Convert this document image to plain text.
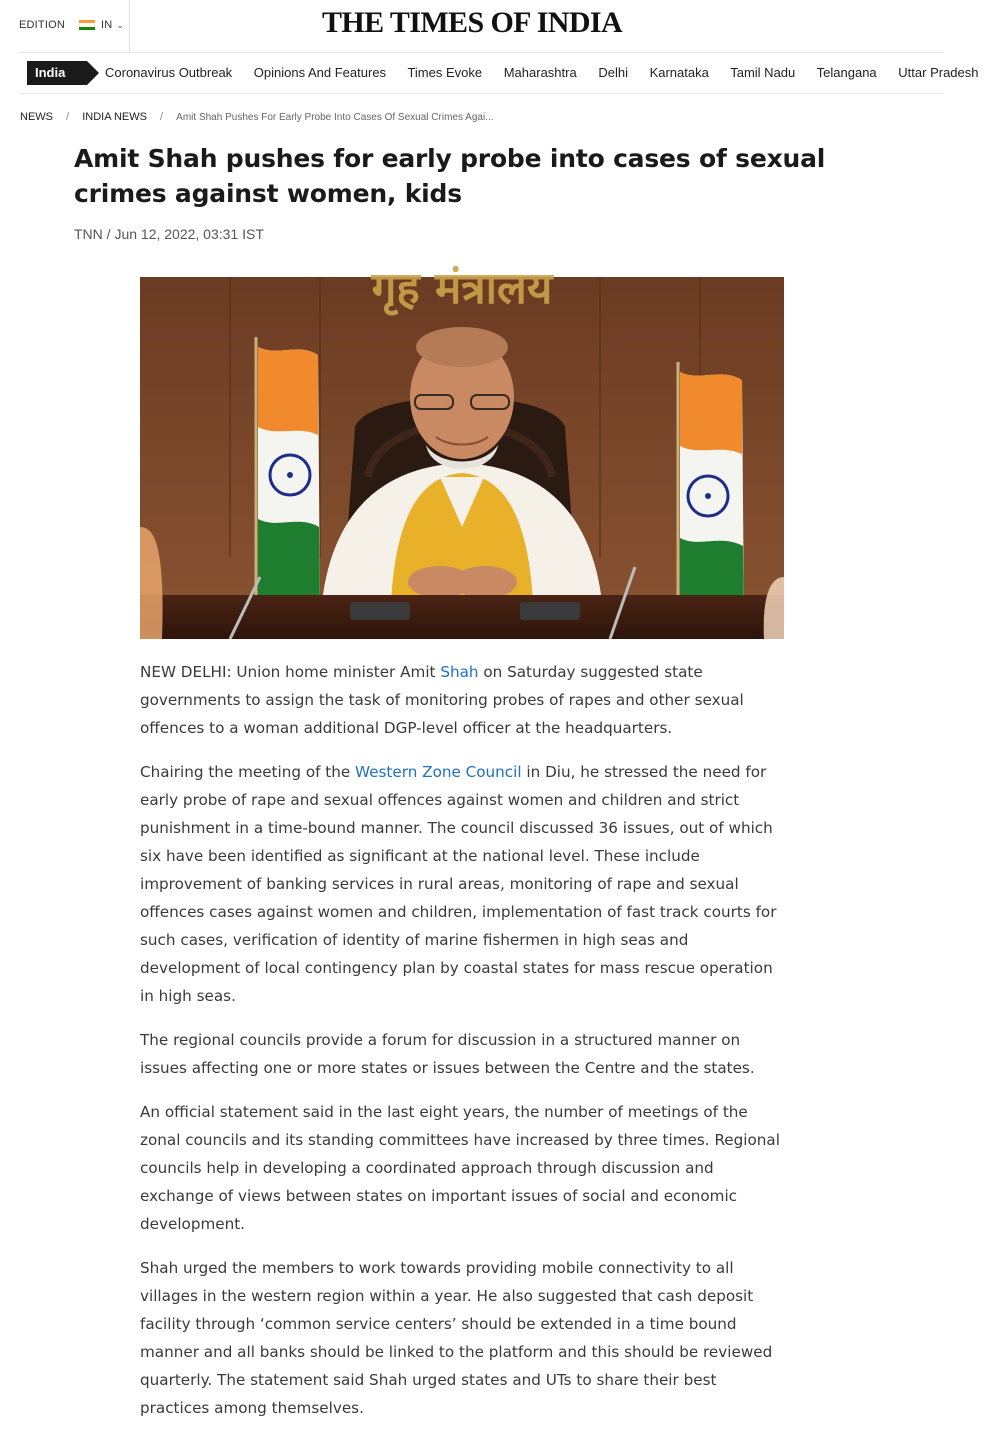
EDITION	IN ⌄	THE TIMES OF INDIA
India	Coronavirus Outbreak Opinions And Features Times Evoke Maharashtra Delhi Karnataka Tamil Nadu Telangana Uttar Pradesh
NEWS / INDIA NEWS / Amit Shah Pushes For Early Probe Into Cases Of Sexual Crimes Agai...
Amit Shah pushes for early probe into cases of sexual crimes against women, kids
TNN / Jun 12, 2022, 03:31 IST
गृह मंत्रालय

NEW DELHI: Union home minister Amit Shah on Saturday suggested state governments to assign the task of monitoring probes of rapes and other sexual offences to a woman additional DGP-level officer at the headquarters.

Chairing the meeting of the Western Zone Council in Diu, he stressed the need for early probe of rape and sexual offences against women and children and strict punishment in a time-bound manner. The council discussed 36 issues, out of which six have been identified as significant at the national level. These include improvement of banking services in rural areas, monitoring of rape and sexual offences cases against women and children, implementation of fast track courts for such cases, verification of identity of marine fishermen in high seas and development of local contingency plan by coastal states for mass rescue operation in high seas.

The regional councils provide a forum for discussion in a structured manner on issues affecting one or more states or issues between the Centre and the states.

An official statement said in the last eight years, the number of meetings of the zonal councils and its standing committees have increased by three times. Regional councils help in developing a coordinated approach through discussion and exchange of views between states on important issues of social and economic development.

Shah urged the members to work towards providing mobile connectivity to all villages in the western region within a year. He also suggested that cash deposit facility through ‘common service centers’ should be extended in a time bound manner and all banks should be linked to the platform and this should be reviewed quarterly. The statement said Shah urged states and UTs to share their best practices among themselves.
